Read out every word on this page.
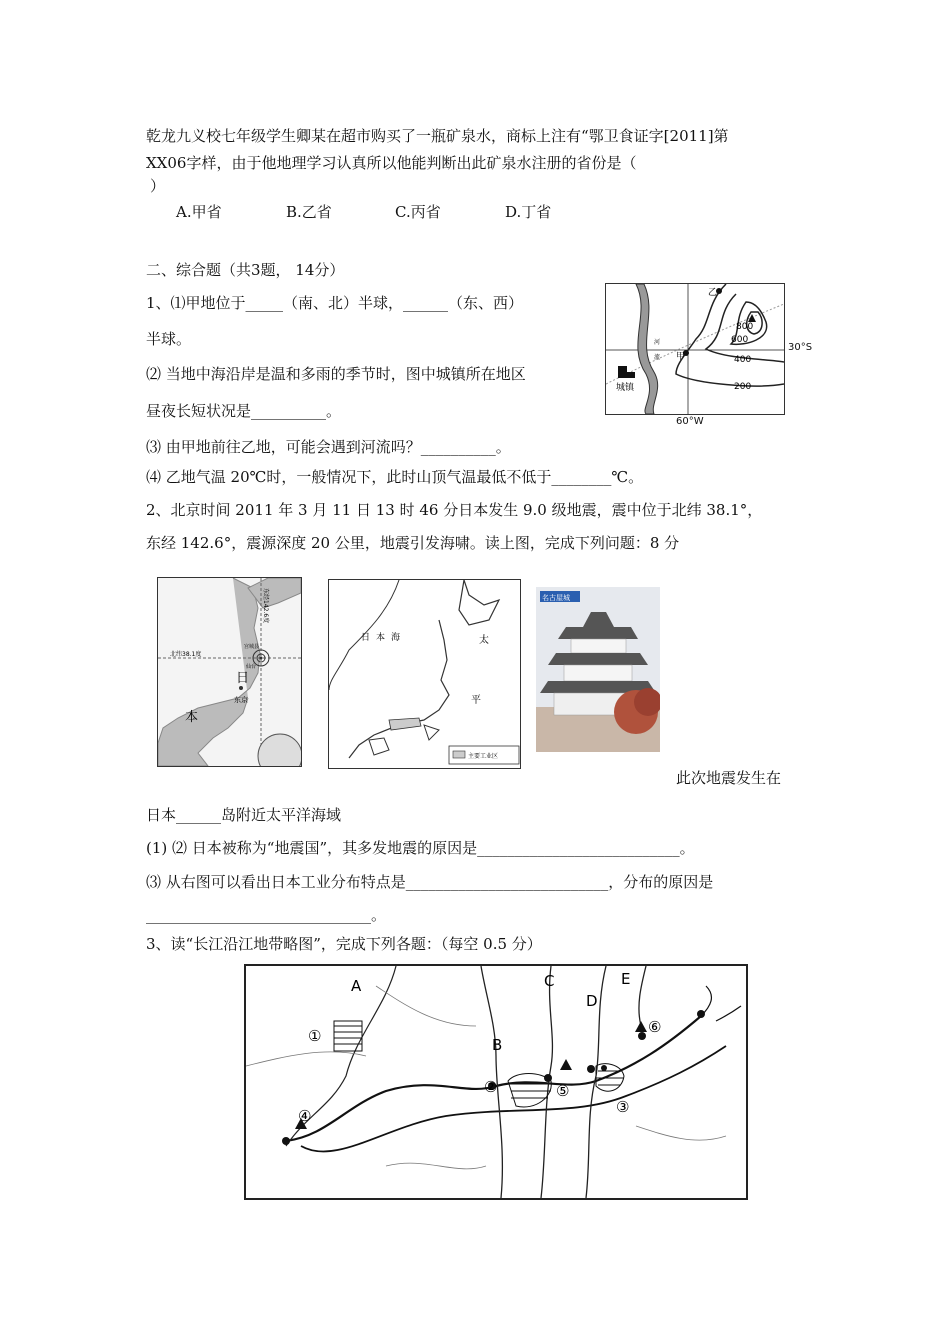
乾龙九义校七年级学生卿某在超市购买了一瓶矿泉水，商标上注有“鄂卫食证字[2011]第
XX06字样，由于他地理学习认真所以他能判断出此矿泉水注册的省份是（
）
A.甲省	B.乙省	C.丙省	D.丁省
二、综合题（共3题， 14分）
1、⑴甲地位于_____（南、北）半球，______（东、西）
半球。
⑵ 当地中海沿岸是温和多雨的季节时，图中城镇所在地区
昼夜长短状况是__________。
⑶ 由甲地前往乙地，可能会遇到河流吗？__________。
⑷ 乙地气温 20℃时，一般情况下，此时山顶气温最低不低于________℃。
乙
甲
河
流
800
600
400
200
城镇
30°S
60°W
2、北京时间 2011 年 3 月 11 日 13 时 46 分日本发生 9.0 级地震，震中位于北纬 38.1°，
东经 142.6°，震源深度 20 公里，地震引发海啸。读上图，完成下列问题：8 分
北纬38.1度
东经142.6度
日
本
东京
宫城县
仙台
日 本 海	太
平
主要工业区
名古屋城
此次地震发生在
日本______岛附近太平洋海域
(1) ⑵ 日本被称为“地震国”，其多发地震的原因是___________________________。
⑶ 从右图可以看出日本工业分布特点是___________________________，分布的原因是
______________________________。
3、读“长江沿江地带略图”，完成下列各题：（每空 0.5 分）
A
B
C
D
E
①
②
③
④
⑤
⑥
